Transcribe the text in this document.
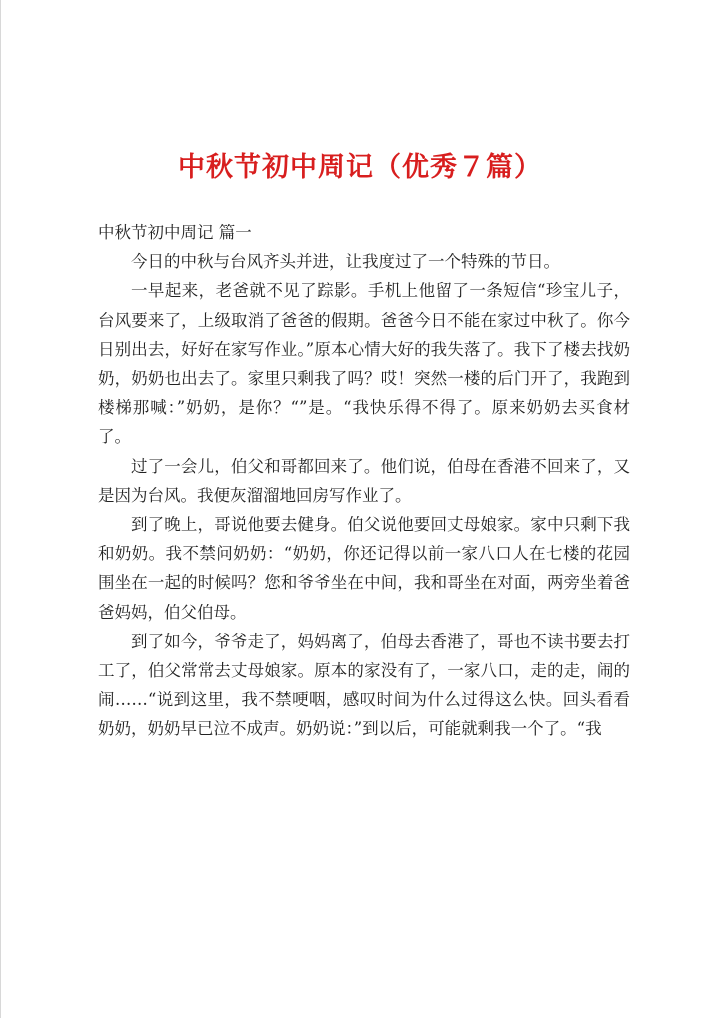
中秋节初中周记（优秀７篇）

中秋节初中周记 篇一

今日的中秋与台风齐头并进，让我度过了一个特殊的节日。

一早起来，老爸就不见了踪影。手机上他留了一条短信“珍宝儿子，台风要来了，上级取消了爸爸的假期。爸爸今日不能在家过中秋了。你今日别出去，好好在家写作业。”原本心情大好的我失落了。我下了楼去找奶奶，奶奶也出去了。家里只剩我了吗？哎！突然一楼的后门开了，我跑到楼梯那喊：”奶奶，是你？“”是。“我快乐得不得了。原来奶奶去买食材了。

过了一会儿，伯父和哥都回来了。他们说，伯母在香港不回来了，又是因为台风。我便灰溜溜地回房写作业了。

到了晚上，哥说他要去健身。伯父说他要回丈母娘家。家中只剩下我和奶奶。我不禁问奶奶：“奶奶，你还记得以前一家八口人在七楼的花园围坐在一起的时候吗？您和爷爷坐在中间，我和哥坐在对面，两旁坐着爸爸妈妈，伯父伯母。

到了如今，爷爷走了，妈妈离了，伯母去香港了，哥也不读书要去打工了，伯父常常去丈母娘家。原本的家没有了，一家八口，走的走，闹的闹……“说到这里，我不禁哽咽，感叹时间为什么过得这么快。回头看看奶奶，奶奶早已泣不成声。奶奶说：”到以后，可能就剩我一个了。“我
